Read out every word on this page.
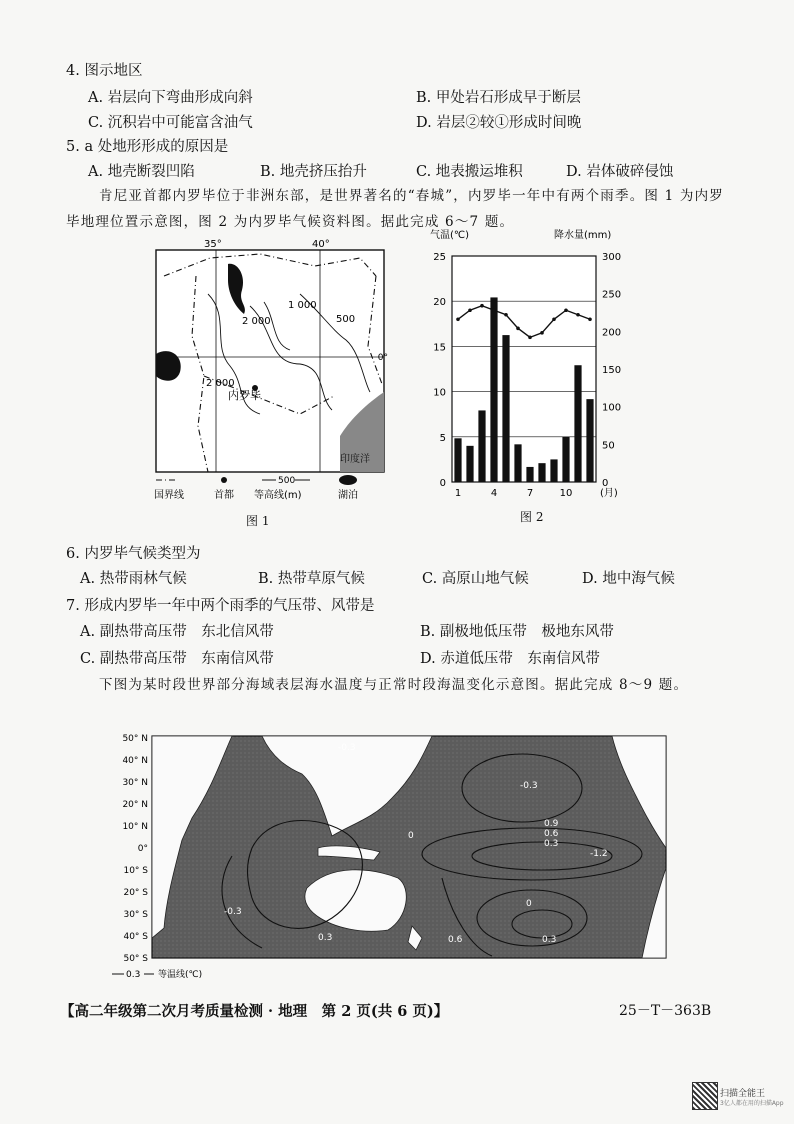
4. 图示地区
A. 岩层向下弯曲形成向斜	B. 甲处岩石形成早于断层
C. 沉积岩中可能富含油气	D. 岩层②较①形成时间晚
5. a 处地形形成的原因是
A. 地壳断裂凹陷	B. 地壳挤压抬升	C. 地表搬运堆积	D. 岩体破碎侵蚀
肯尼亚首都内罗毕位于非洲东部，是世界著名的“春城”，内罗毕一年中有两个雨季。图 1 为内罗毕地理位置示意图，图 2 为内罗毕气候资料图。据此完成 6～7 题。
35°	40°
0°
2 000
1 000
500
2 000
内罗毕
印度洋
国界线	首都
500
等高线(m)	湖泊
图 1
气温(℃)	降水量(mm)
0
5
10
15
20
25
0
50
100
150
200
250
300
1	4	7	10	(月)
图 2
6. 内罗毕气候类型为
A. 热带雨林气候	B. 热带草原气候	C. 高原山地气候	D. 地中海气候
7. 形成内罗毕一年中两个雨季的气压带、风带是
A. 副热带高压带　东北信风带	B. 副极地低压带　极地东风带
C. 副热带高压带　东南信风带	D. 赤道低压带　东南信风带
下图为某时段世界部分海域表层海水温度与正常时段海温变化示意图。据此完成 8～9 题。
-0.3
-0.3
0.9
0.6
0.3
-1.2
0
0
-0.3
0.6	0.3
0.3
50° N
40° N
30° N
20° N
10° N
0°
10° S
20° S
30° S
40° S
50° S
0.3 等温线(℃)
【高二年级第二次月考质量检测 · 地理　第 2 页(共 6 页)】	25－T－363B
扫描全能王
3亿人都在用的扫描App
